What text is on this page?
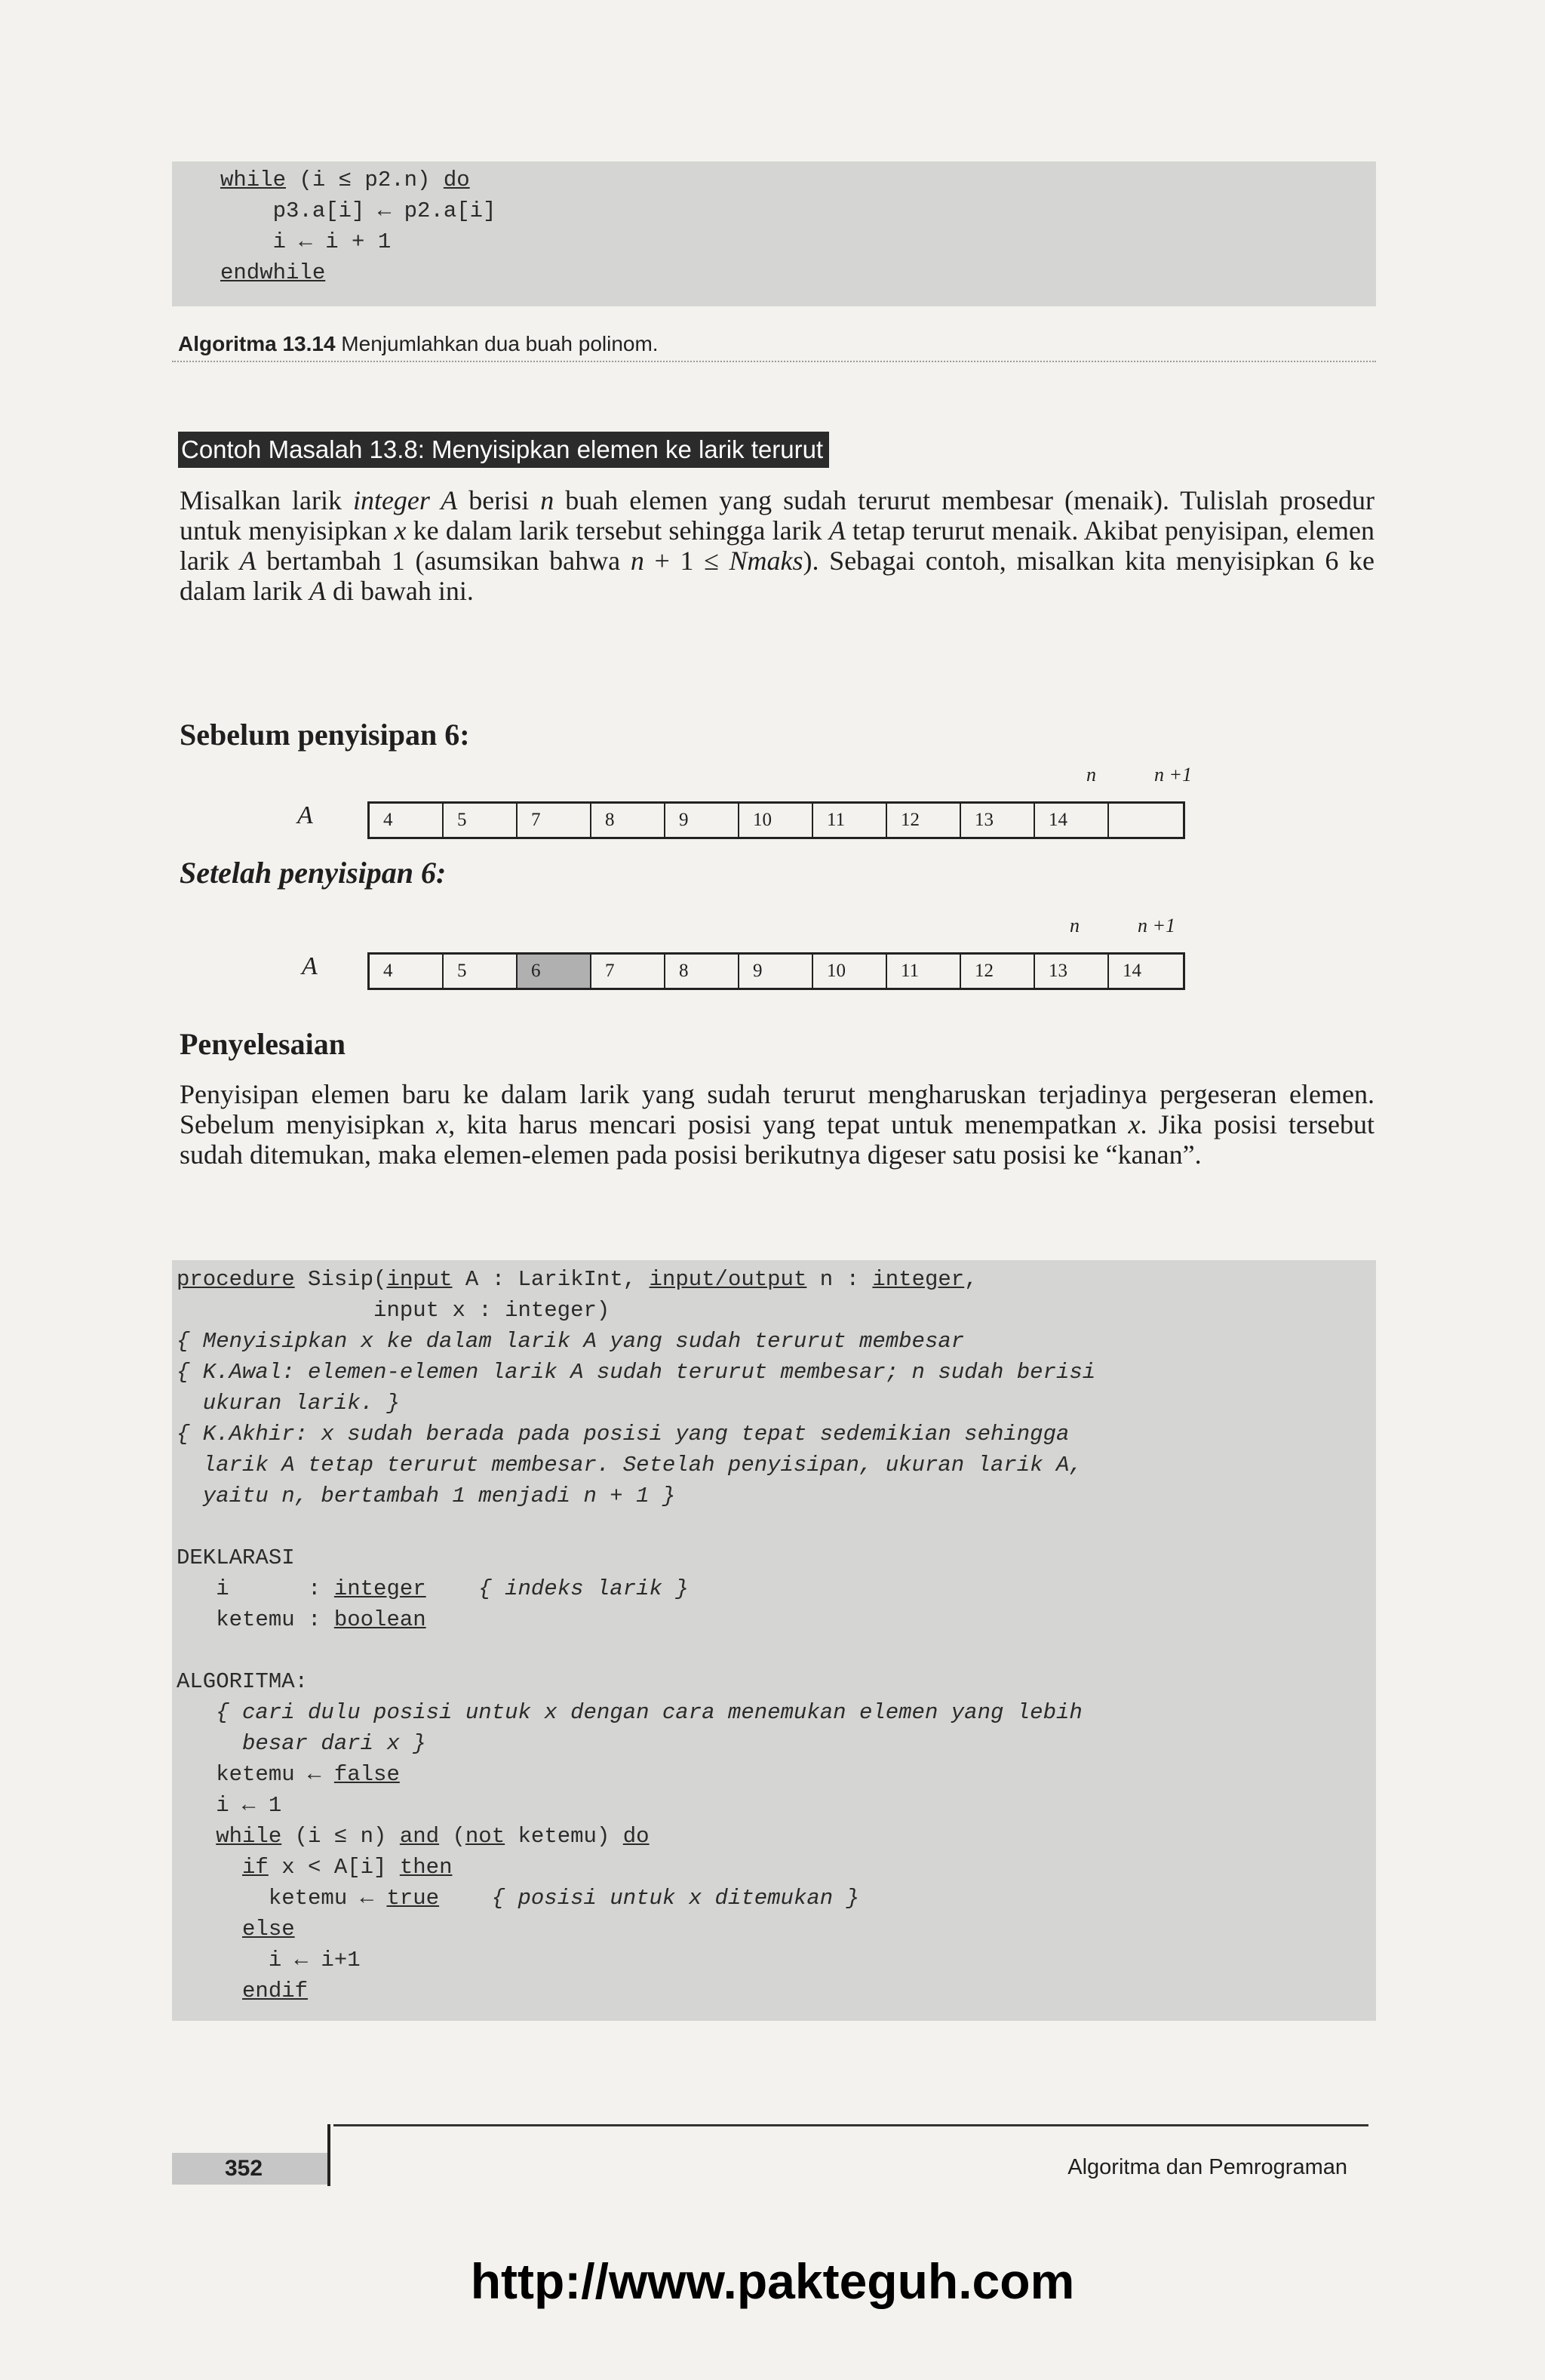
while (i ≤ p2.n) do
p3.a[i] ← p2.a[i]
i ← i + 1
endwhile
Algoritma 13.14 Menjumlahkan dua buah polinom.
Contoh Masalah 13.8: Menyisipkan elemen ke larik terurut
Misalkan larik integer A berisi n buah elemen yang sudah terurut membesar (menaik). Tulislah prosedur untuk menyisipkan x ke dalam larik tersebut sehingga larik A tetap terurut menaik. Akibat penyisipan, elemen larik A bertambah 1 (asumsikan bahwa n + 1 ≤ Nmaks). Sebagai contoh, misalkan kita menyisipkan 6 ke dalam larik A di bawah ini.
Sebelum penyisipan 6:
n	n +1
A	4	5	7	8	9	10	11	12	13	14
Setelah penyisipan 6:
n	n +1
A	4	5	6	7	8	9	10	11	12	13	14
Penyelesaian
Penyisipan elemen baru ke dalam larik yang sudah terurut mengharuskan terjadinya pergeseran elemen. Sebelum menyisipkan x, kita harus mencari posisi yang tepat untuk menempatkan x. Jika posisi tersebut sudah ditemukan, maka elemen-elemen pada posisi berikutnya digeser satu posisi ke “kanan”.
procedure Sisip(input A : LarikInt, input/output n : integer,
input x : integer)
{ Menyisipkan x ke dalam larik A yang sudah terurut membesar
{ K.Awal: elemen-elemen larik A sudah terurut membesar; n sudah berisi
ukuran larik. }
{ K.Akhir: x sudah berada pada posisi yang tepat sedemikian sehingga
larik A tetap terurut membesar. Setelah penyisipan, ukuran larik A,
yaitu n, bertambah 1 menjadi n + 1 }

DEKLARASI
i      : integer    { indeks larik }
ketemu : boolean

ALGORITMA:
{ cari dulu posisi untuk x dengan cara menemukan elemen yang lebih
besar dari x }
ketemu ← false
i ← 1
while (i ≤ n) and (not ketemu) do
if x < A[i] then
ketemu ← true    { posisi untuk x ditemukan }
else
i ← i+1
endif
352	Algoritma dan Pemrograman
http://www.pakteguh.com
